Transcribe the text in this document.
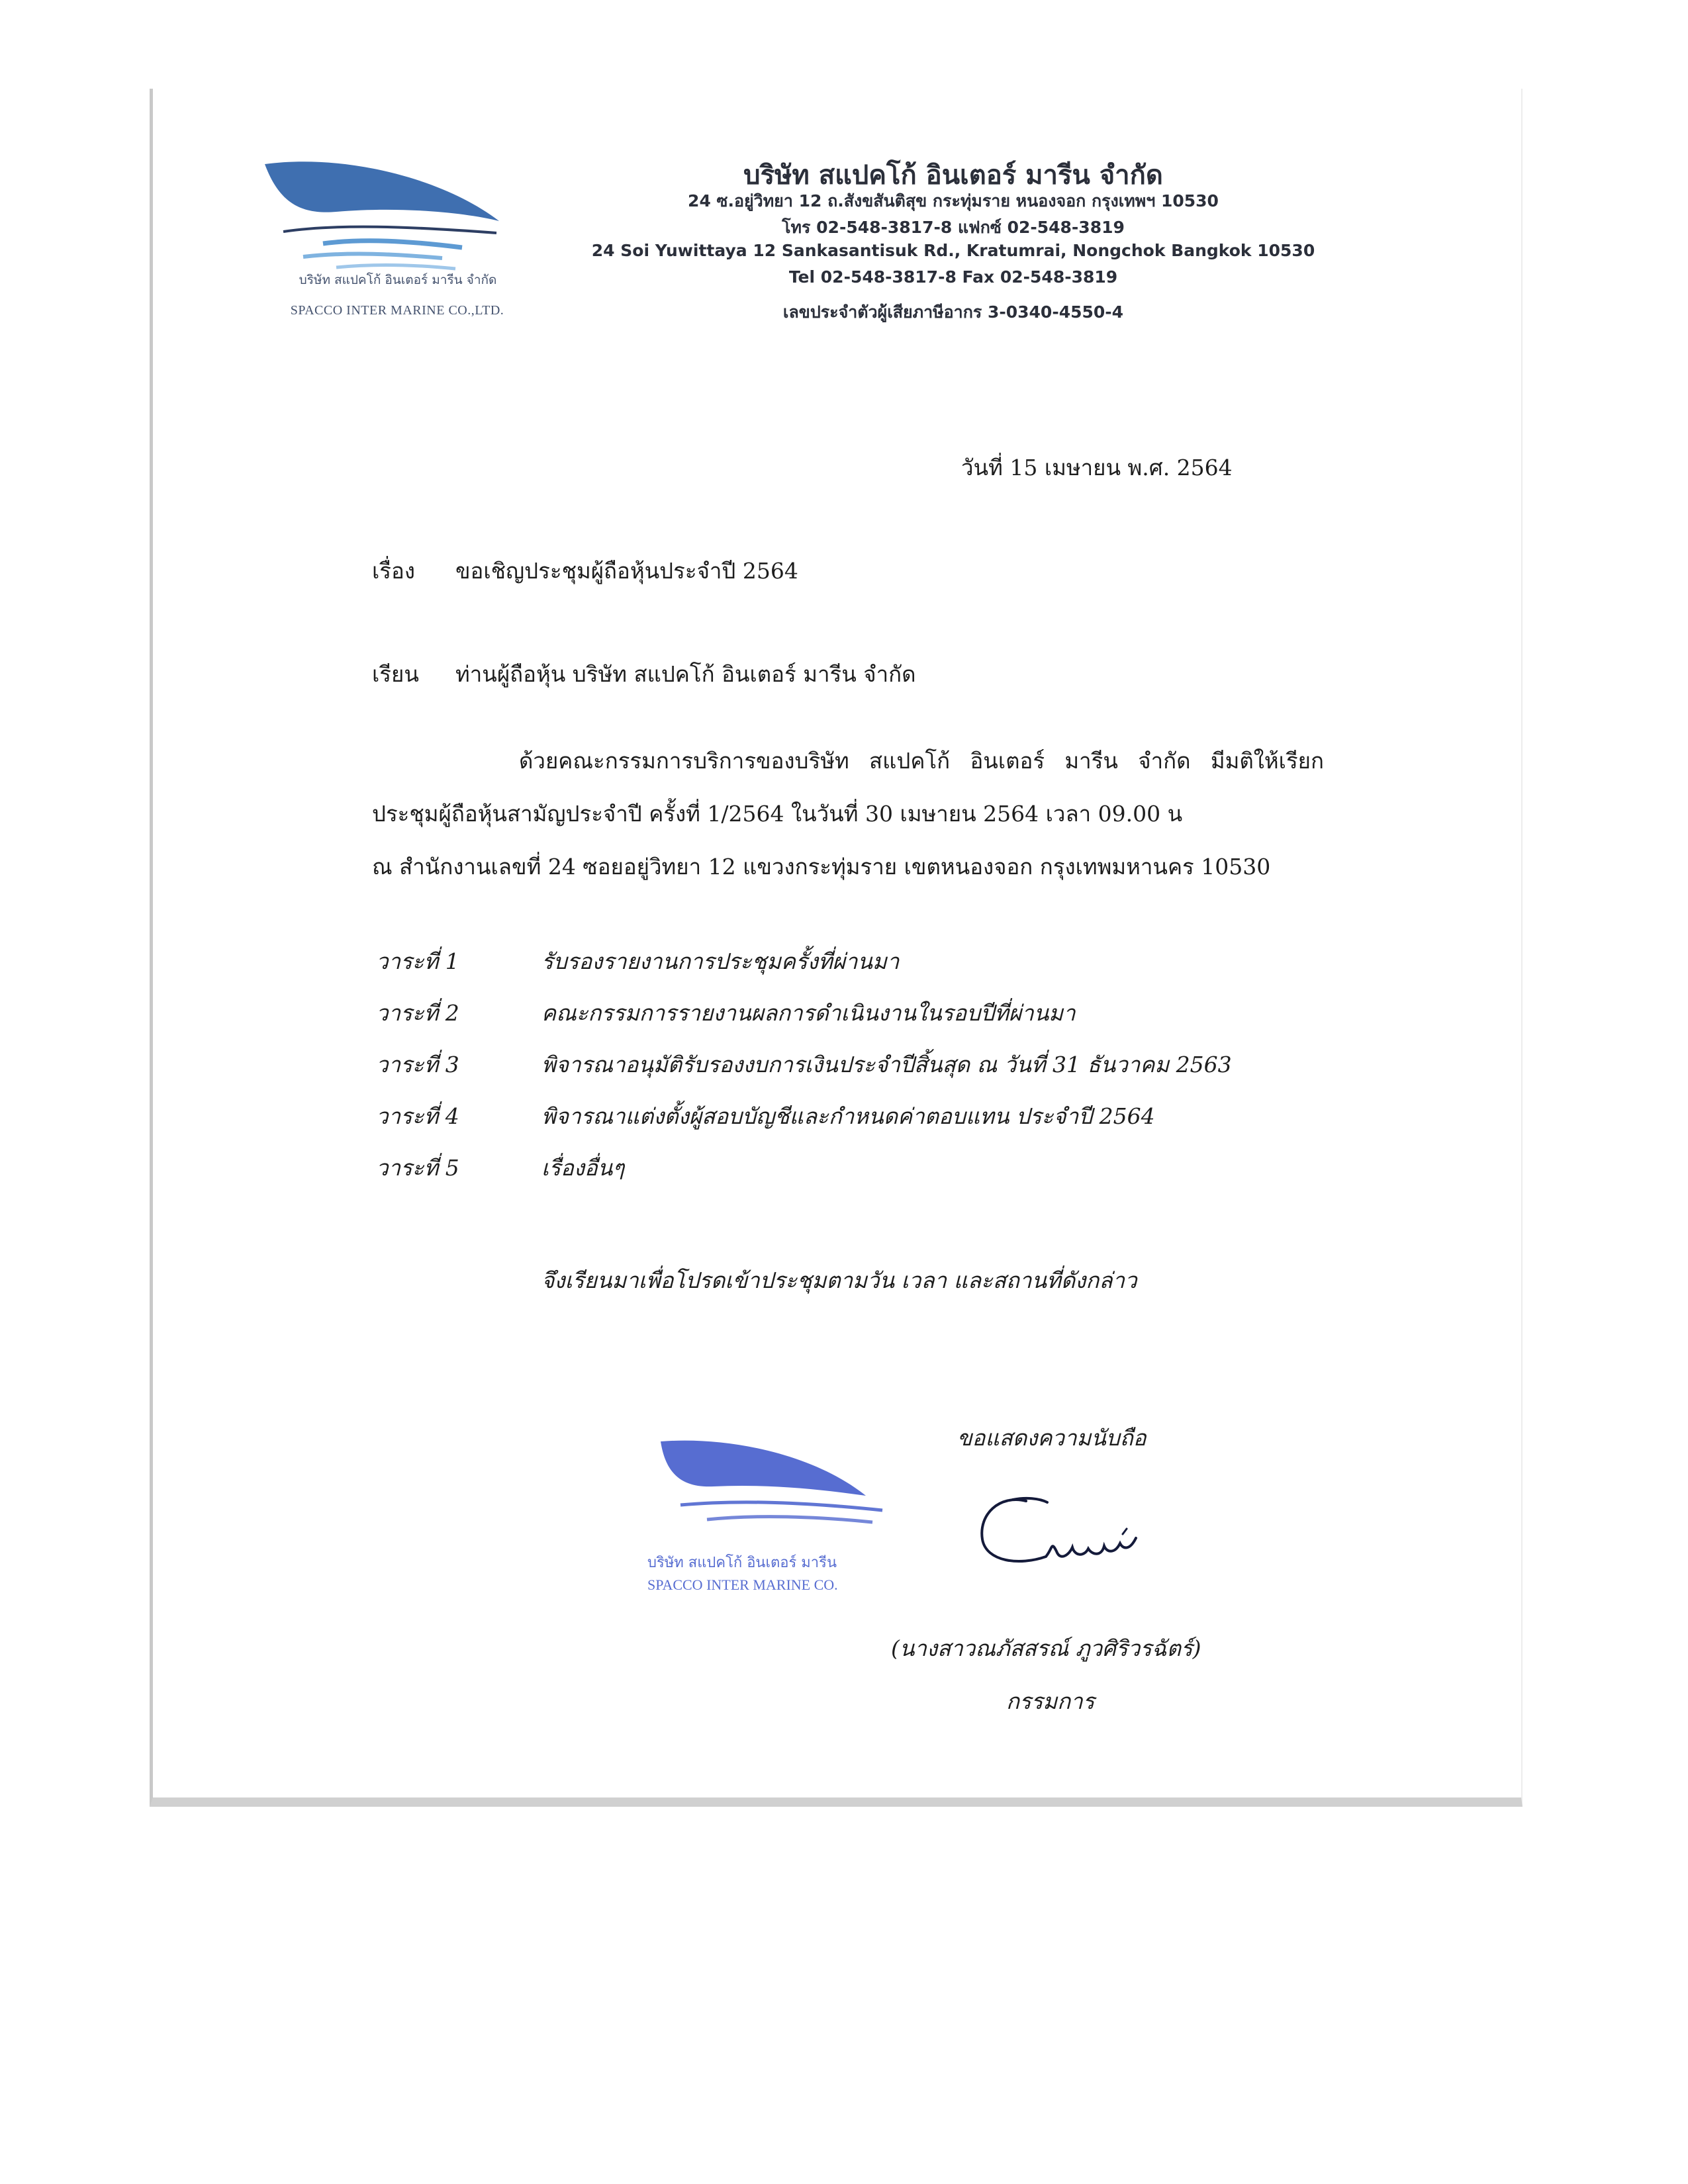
บริษัท สแปคโก้ อินเตอร์ มารีน จำกัด
SPACCO INTER MARINE CO.,LTD.
บริษัท สแปคโก้ อินเตอร์ มารีน จำกัด
24 ซ.อยู่วิทยา 12 ถ.สังขสันติสุข กระทุ่มราย หนองจอก กรุงเทพฯ 10530
โทร 02-548-3817-8 แฟกซ์ 02-548-3819
24 Soi Yuwittaya 12 Sankasantisuk Rd., Kratumrai, Nongchok Bangkok 10530
Tel 02-548-3817-8 Fax 02-548-3819
เลขประจำตัวผู้เสียภาษีอากร 3-0340-4550-4
วันที่ 15 เมษายน พ.ศ. 2564
เรื่อง ขอเชิญประชุมผู้ถือหุ้นประจำปี 2564
เรียน ท่านผู้ถือหุ้น บริษัท สแปคโก้ อินเตอร์ มารีน จำกัด
ด้วยคณะกรรมการบริการของบริษัท สแปคโก้ อินเตอร์ มารีน จำกัด มีมติให้เรียกประชุมผู้ถือหุ้นสามัญประจำปี ครั้งที่ 1/2564 ในวันที่ 30 เมษายน 2564 เวลา 09.00 น
ณ สำนักงานเลขที่ 24 ซอยอยู่วิทยา 12 แขวงกระทุ่มราย เขตหนองจอก กรุงเทพมหานคร 10530
วาระที่ 1	รับรองรายงานการประชุมครั้งที่ผ่านมา
วาระที่ 2	คณะกรรมการรายงานผลการดำเนินงานในรอบปีที่ผ่านมา
วาระที่ 3	พิจารณาอนุมัติรับรองงบการเงินประจำปีสิ้นสุด ณ วันที่ 31 ธันวาคม 2563
วาระที่ 4	พิจารณาแต่งตั้งผู้สอบบัญชีและกำหนดค่าตอบแทน ประจำปี 2564
วาระที่ 5	เรื่องอื่นๆ
จึงเรียนมาเพื่อโปรดเข้าประชุมตามวัน เวลา และสถานที่ดังกล่าว
ขอแสดงความนับถือ
บริษัท สแปคโก้ อินเตอร์ มารีน
SPACCO INTER MARINE CO.
(นางสาวณภัสสรณ์ ภูวศิริวรฉัตร์)
กรรมการ
